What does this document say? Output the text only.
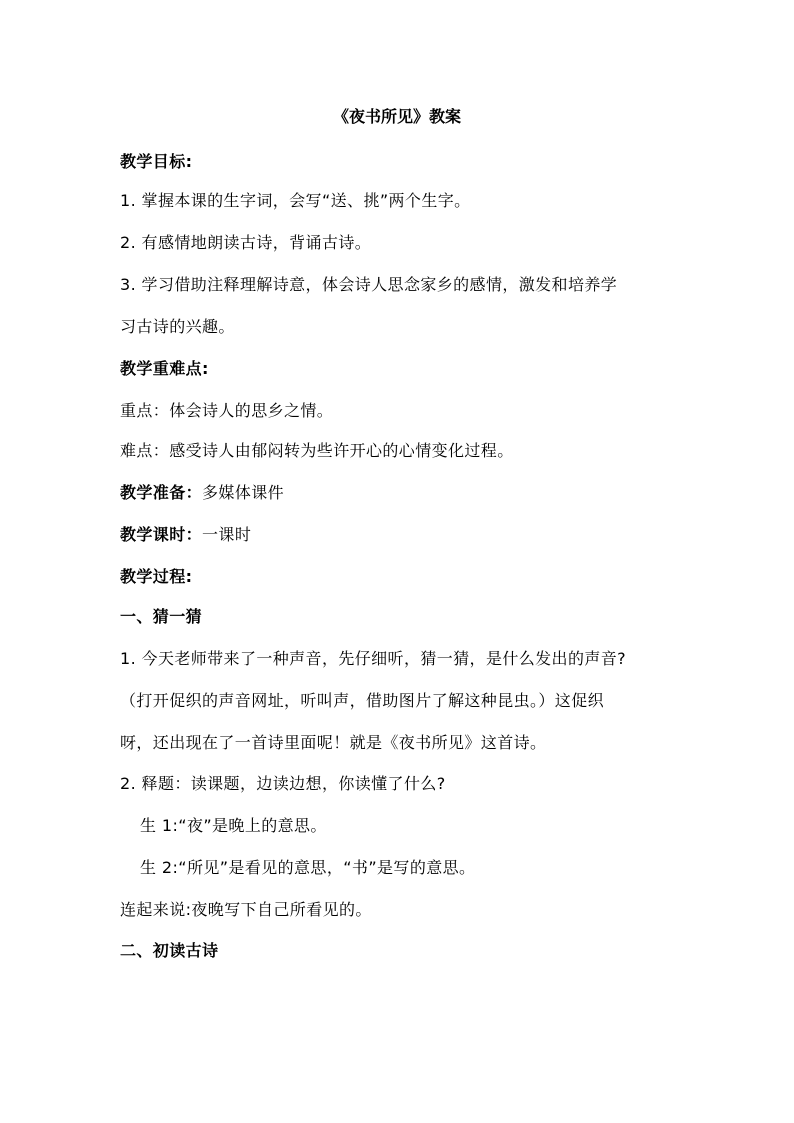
《夜书所见》教案
教学目标:
1. 掌握本课的生字词，会写“送、挑”两个生字。
2. 有感情地朗读古诗，背诵古诗。
3. 学习借助注释理解诗意，体会诗人思念家乡的感情，激发和培养学
习古诗的兴趣。
教学重难点:
重点：体会诗人的思乡之情。
难点：感受诗人由郁闷转为些许开心的心情变化过程。
教学准备：多媒体课件
教学课时：一课时
教学过程:
一、猜一猜
1. 今天老师带来了一种声音，先仔细听，猜一猜，是什么发出的声音?
（打开促织的声音网址，听叫声，借助图片了解这种昆虫。）这促织
呀，还出现在了一首诗里面呢！就是《夜书所见》这首诗。
2. 释题：读课题，边读边想，你读懂了什么?
生 1:“夜”是晚上的意思。
生 2:“所见”是看见的意思，“书”是写的意思。
连起来说:夜晚写下自己所看见的。
二、初读古诗
